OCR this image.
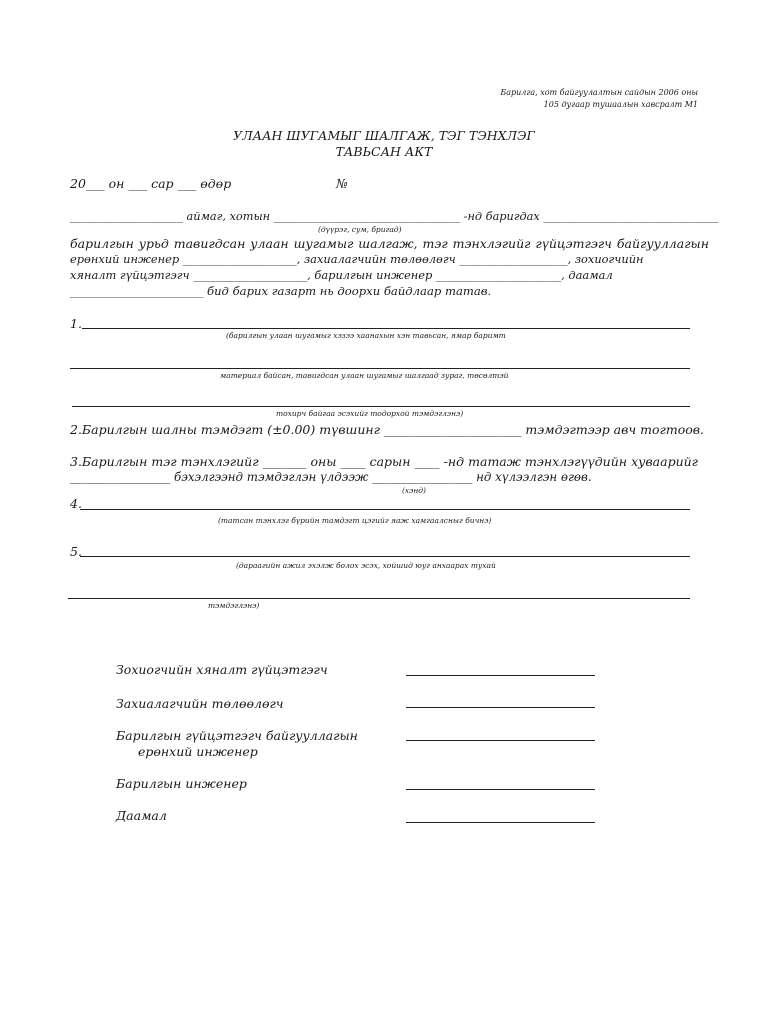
Барилга, хот байгуулалтын сайдын 2006 оны
105 дугаар тушаалын хавсралт М1
УЛААН ШУГАМЫГ ШАЛГАЖ, ТЭГ ТЭНХЛЭГ
ТАВЬСАН АКТ
20___ он ___ сар ___ өдөр	№
____________________ аймаг, хотын _________________________________ -нд баригдах _______________________________
(дүүрэг, сум, бригад)
барилгын урьд тавигдсан улаан шугамыг шалгаж, тэг тэнхлэгийг гүйцэтгэгч байгууллагын
ерөнхий инженер ____________________, захиалагчийн төлөөлөгч ___________________, зохиогчийн
хяналт гүйцэтгэгч ____________________, барилгын инженер ______________________, даамал
_______________________ бид барих газарт нь доорхи байдлаар татав.
1.
(барилгын улаан шугамыг хэзээ хаанахын хэн тавьсан, ямар баримт
материал байсан, тавигдсан улаан шугамыг шалгаад зураг, төсөлтэй
тохирч байгаа эсэхийг тодорхой тэмдэглэнэ)
2.Барилгын шалны тэмдэгт (±0.00) түвшинг ______________________ тэмдэгтээр авч тогтоов.
3.Барилгын тэг тэнхлэгийг _______ оны ____ сарын ____ -нд татаж тэнхлэгүүдийн хуваарийг
_________________ бэхэлгээнд тэмдэглэн үлдээж _________________ нд хүлээлгэн өгөв.
(хэнд)
4.
(татсан тэнхлэг бүрийн тамдэгт цэгийг яаж хамгаалсныг бичнэ)
5.
(дараагийн ажил эхэлж болох эсэх, хойшид юуг анхаарах тухай
тэмдэглэнэ)
Зохиогчийн хяналт гүйцэтгэгч
Захиалагчийн төлөөлөгч
Барилгын гүйцэтгэгч байгууллагын
ерөнхий инженер
Барилгын инженер
Даамал
